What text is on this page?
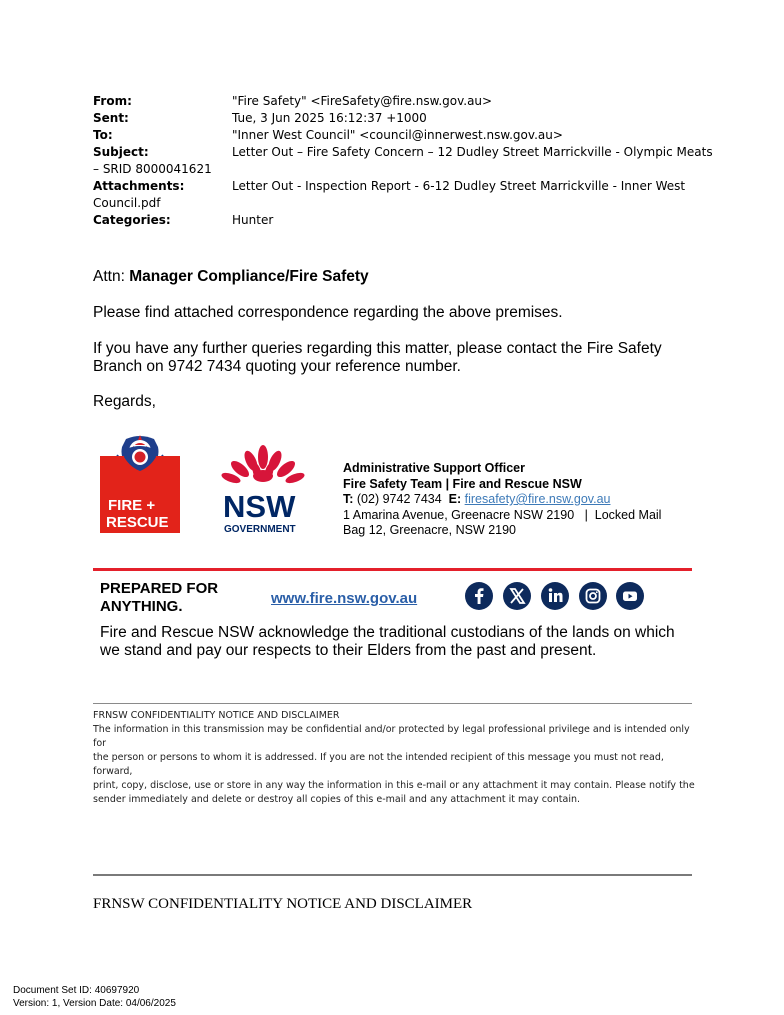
From:	"Fire Safety" <FireSafety@fire.nsw.gov.au>
Sent:	Tue, 3 Jun 2025 16:12:37 +1000
To:	"Inner West Council" <council@innerwest.nsw.gov.au>
Subject:	Letter Out – Fire Safety Concern – 12 Dudley Street Marrickville - Olympic Meats
– SRID 8000041621
Attachments:	Letter Out - Inspection Report - 6-12 Dudley Street Marrickville - Inner West
Council.pdf
Categories:	Hunter
Attn: Manager Compliance/Fire Safety
Please find attached correspondence regarding the above premises.
If you have any further queries regarding this matter, please contact the Fire Safety
Branch on 9742 7434 quoting your reference number.
Regards,
FIRE +
RESCUE NSW
GOVERNMENT
Administrative Support Officer
Fire Safety Team | Fire and Rescue NSW
T: (02) 9742 7434  E: firesafety@fire.nsw.gov.au
1 Amarina Avenue, Greenacre NSW 2190   |  Locked Mail
Bag 12, Greenacre, NSW 2190
PREPARED FOR
ANYTHING.	www.fire.nsw.gov.au
Fire and Rescue NSW acknowledge the traditional custodians of the lands on which
we stand and pay our respects to their Elders from the past and present.
FRNSW CONFIDENTIALITY NOTICE AND DISCLAIMER
The information in this transmission may be confidential and/or protected by legal professional privilege and is intended only for
the person or persons to whom it is addressed. If you are not the intended recipient of this message you must not read, forward,
print, copy, disclose, use or store in any way the information in this e-mail or any attachment it may contain. Please notify the
sender immediately and delete or destroy all copies of this e-mail and any attachment it may contain.
FRNSW CONFIDENTIALITY NOTICE AND DISCLAIMER
Document Set ID: 40697920
Version: 1, Version Date: 04/06/2025
